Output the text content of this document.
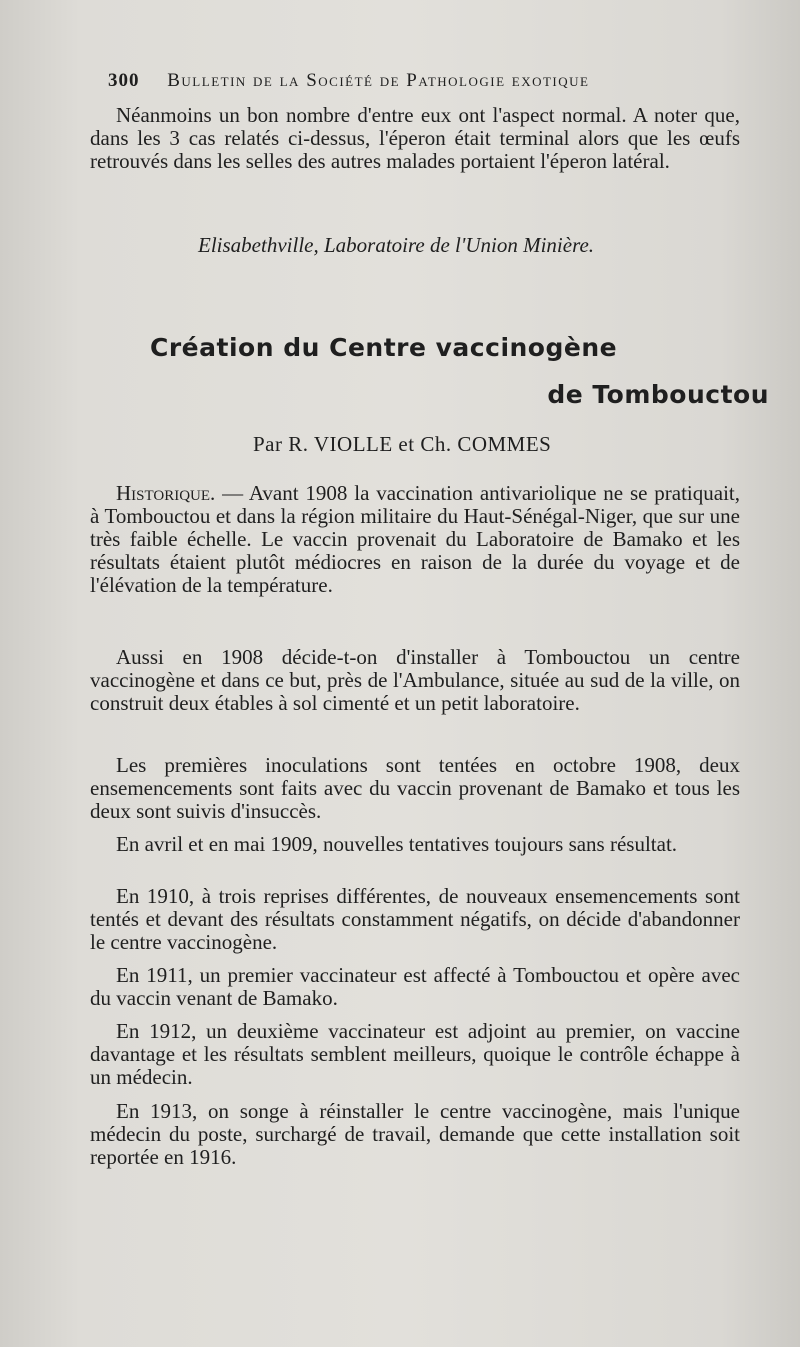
300 Bulletin de la Société de Pathologie exotique

Néanmoins un bon nombre d'entre eux ont l'aspect normal. A noter que, dans les 3 cas relatés ci-dessus, l'éperon était terminal alors que les œufs retrouvés dans les selles des autres malades portaient l'éperon latéral.

Elisabethville, Laboratoire de l'Union Minière.
Création du Centre vaccinogène
de Tombouctou
Par R. VIOLLE et Ch. COMMES

Historique. — Avant 1908 la vaccination antivariolique ne se pratiquait, à Tombouctou et dans la région militaire du Haut-Sénégal-Niger, que sur une très faible échelle. Le vaccin provenait du Laboratoire de Bamako et les résultats étaient plutôt médiocres en raison de la durée du voyage et de l'élévation de la température.

Aussi en 1908 décide-t-on d'installer à Tombouctou un centre vaccinogène et dans ce but, près de l'Ambulance, située au sud de la ville, on construit deux étables à sol cimenté et un petit laboratoire.

Les premières inoculations sont tentées en octobre 1908, deux ensemencements sont faits avec du vaccin provenant de Bamako et tous les deux sont suivis d'insuccès.

En avril et en mai 1909, nouvelles tentatives toujours sans résultat.

En 1910, à trois reprises différentes, de nouveaux ensemencements sont tentés et devant des résultats constamment négatifs, on décide d'abandonner le centre vaccinogène.

En 1911, un premier vaccinateur est affecté à Tombouctou et opère avec du vaccin venant de Bamako.

En 1912, un deuxième vaccinateur est adjoint au premier, on vaccine davantage et les résultats semblent meilleurs, quoique le contrôle échappe à un médecin.

En 1913, on songe à réinstaller le centre vaccinogène, mais l'unique médecin du poste, surchargé de travail, demande que cette installation soit reportée en 1916.
